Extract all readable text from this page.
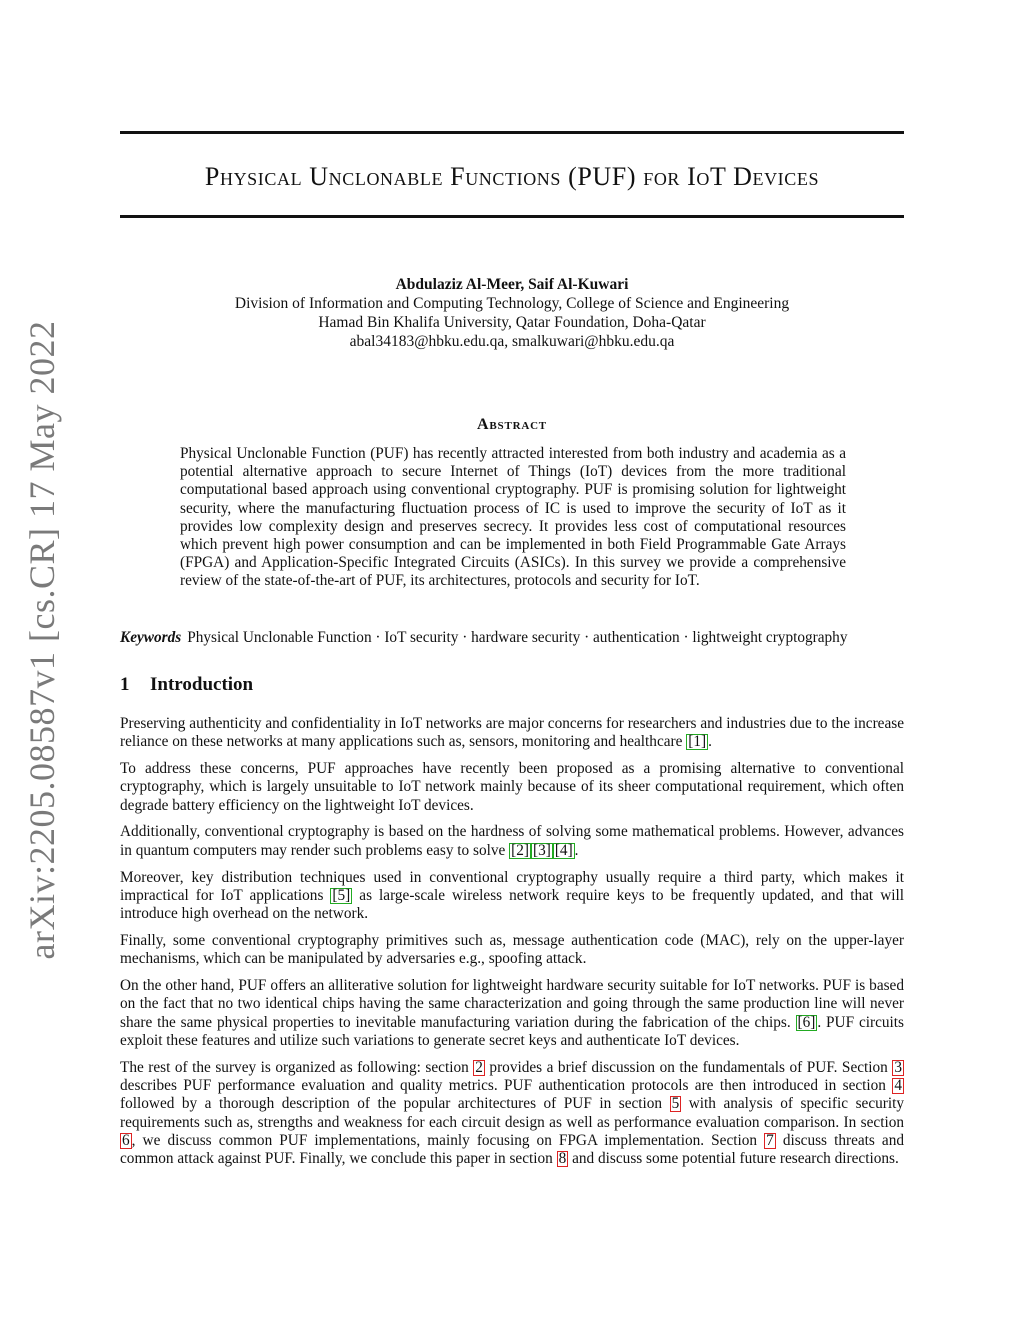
arXiv:2205.08587v1 [cs.CR] 17 May 2022
Physical Unclonable Functions (PUF) for IoT Devices
Abdulaziz Al-Meer, Saif Al-Kuwari
Division of Information and Computing Technology, College of Science and Engineering
Hamad Bin Khalifa University, Qatar Foundation, Doha-Qatar
abal34183@hbku.edu.qa, smalkuwari@hbku.edu.qa
Abstract

Physical Unclonable Function (PUF) has recently attracted interested from both industry and academia as a potential alternative approach to secure Internet of Things (IoT) devices from the more traditional computational based approach using conventional cryptography. PUF is promising solution for lightweight security, where the manufacturing fluctuation process of IC is used to improve the security of IoT as it provides low complexity design and preserves secrecy. It provides less cost of computational resources which prevent high power consumption and can be implemented in both Field Programmable Gate Arrays (FPGA) and Application-Specific Integrated Circuits (ASICs). In this survey we provide a comprehensive review of the state-of-the-art of PUF, its architectures, protocols and security for IoT.

Keywords Physical Unclonable Function · IoT security · hardware security · authentication · lightweight cryptography
1 Introduction

Preserving authenticity and confidentiality in IoT networks are major concerns for researchers and industries due to the increase reliance on these networks at many applications such as, sensors, monitoring and healthcare [1] .

To address these concerns, PUF approaches have recently been proposed as a promising alternative to conventional cryptography, which is largely unsuitable to IoT network mainly because of its sheer computational requirement, which often degrade battery efficiency on the lightweight IoT devices.

Additionally, conventional cryptography is based on the hardness of solving some mathematical problems. However, advances in quantum computers may render such problems easy to solve [2] [3] [4] .

Moreover, key distribution techniques used in conventional cryptography usually require a third party, which makes it impractical for IoT applications [5] as large-scale wireless network require keys to be frequently updated, and that will introduce high overhead on the network.

Finally, some conventional cryptography primitives such as, message authentication code (MAC), rely on the upper-layer mechanisms, which can be manipulated by adversaries e.g., spoofing attack.

On the other hand, PUF offers an alliterative solution for lightweight hardware security suitable for IoT networks. PUF is based on the fact that no two identical chips having the same characterization and going through the same production line will never share the same physical properties to inevitable manufacturing variation during the fabrication of the chips. [6] . PUF circuits exploit these features and utilize such variations to generate secret keys and authenticate IoT devices.

The rest of the survey is organized as following: section 2 provides a brief discussion on the fundamentals of PUF. Section 3 describes PUF performance evaluation and quality metrics. PUF authentication protocols are then introduced in section 4 followed by a thorough description of the popular architectures of PUF in section 5 with analysis of specific security requirements such as, strengths and weakness for each circuit design as well as performance evaluation comparison. In section 6 , we discuss common PUF implementations, mainly focusing on FPGA implementation. Section 7 discuss threats and common attack against PUF. Finally, we conclude this paper in section 8 and discuss some potential future research directions.
